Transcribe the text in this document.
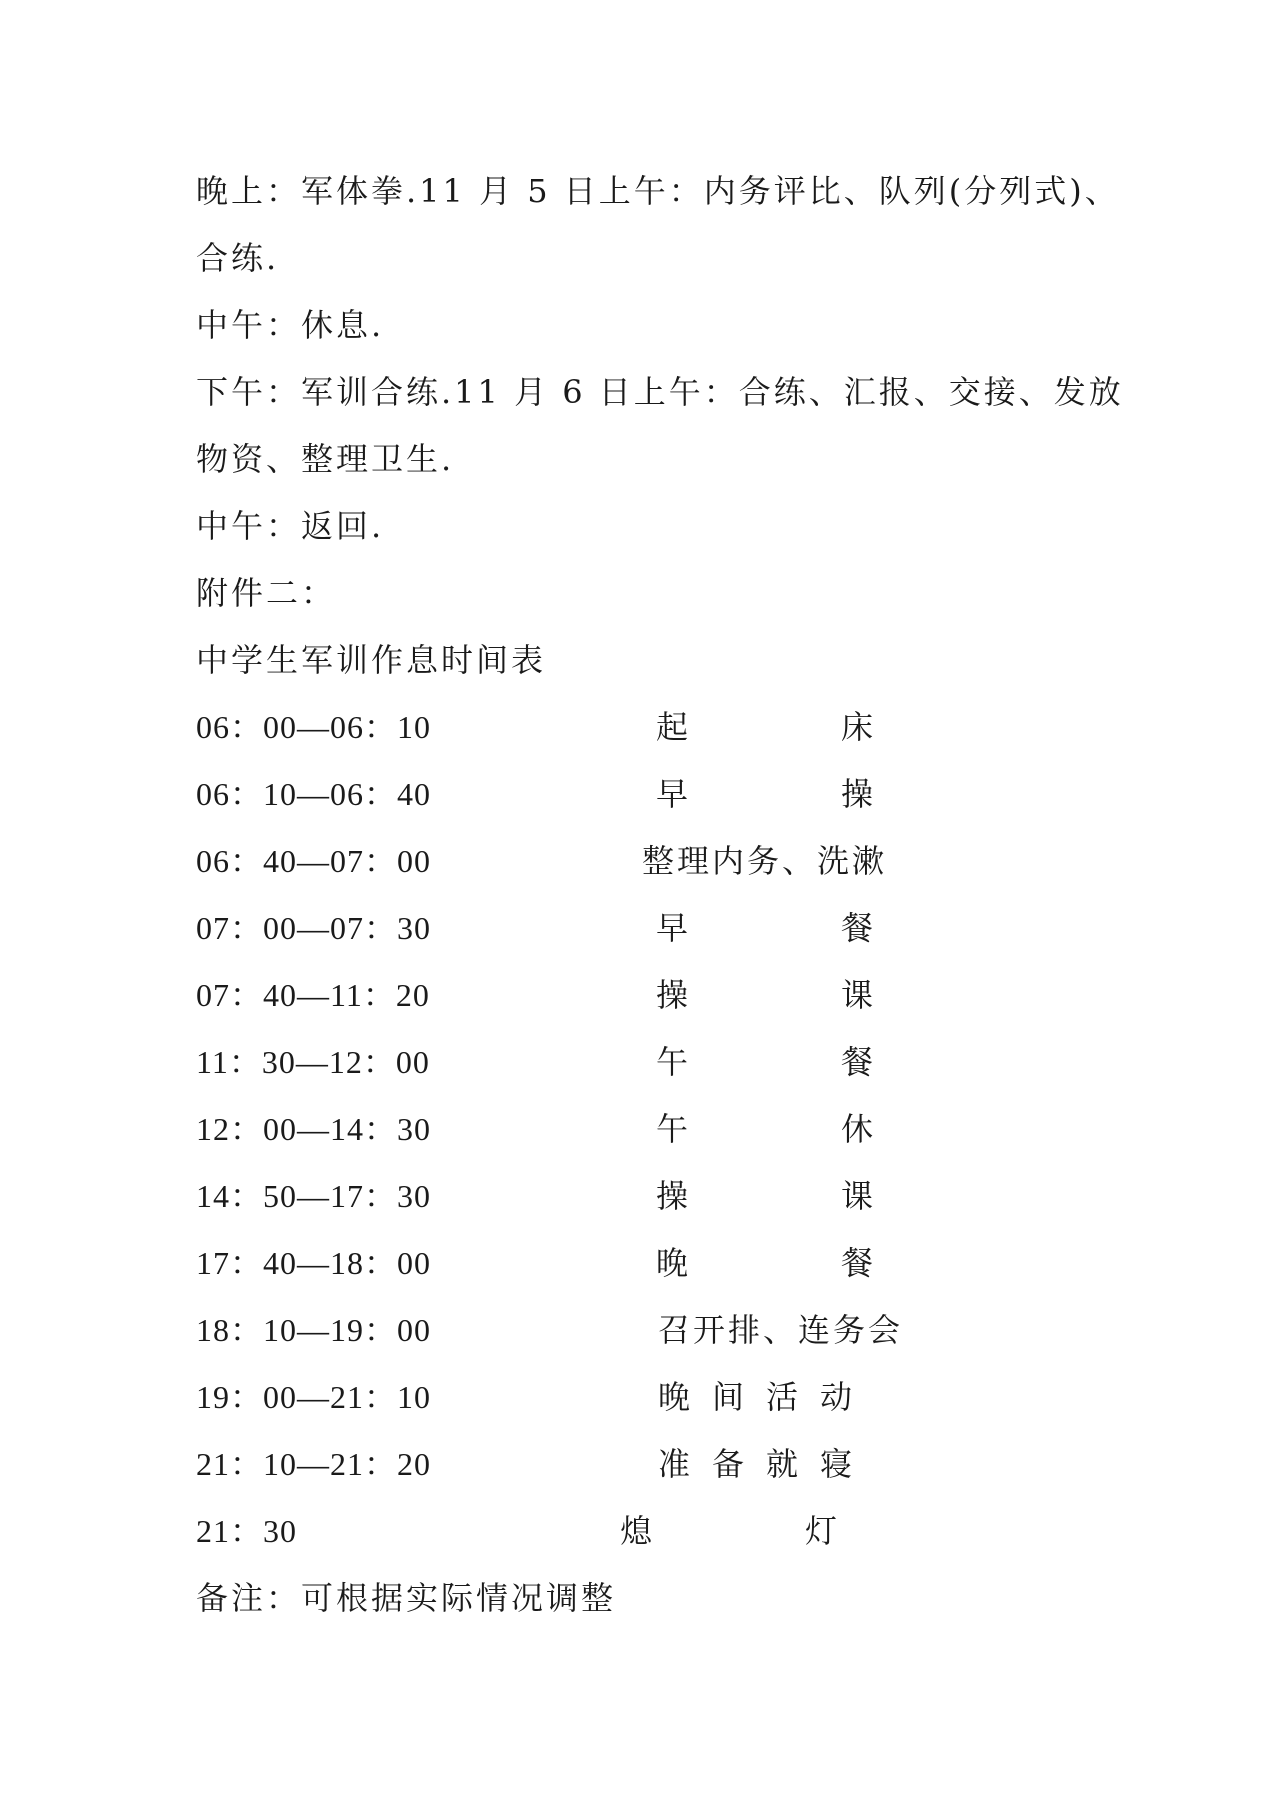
晚上：军体拳.11 月 5 日上午：内务评比、队列(分列式)、
合练.
中午：休息.
下午：军训合练.11 月 6 日上午：合练、汇报、交接、发放
物资、整理卫生.
中午：返回.
附件二：
中学生军训作息时间表
06：00—06：10	起	床
06：10—06：40	早	操
06：40—07：00	整理内务、洗漱
07：00—07：30	早	餐
07：40—11：20	操	课
11：30—12：00	午	餐
12：00—14：30	午	休
14：50—17：30	操	课
17：40—18：00	晚	餐
18：10—19：00	召开排、连务会
19：00—21：10	晚间活动
21：10—21：20	准备就寝
21：30	熄	灯
备注：可根据实际情况调整
